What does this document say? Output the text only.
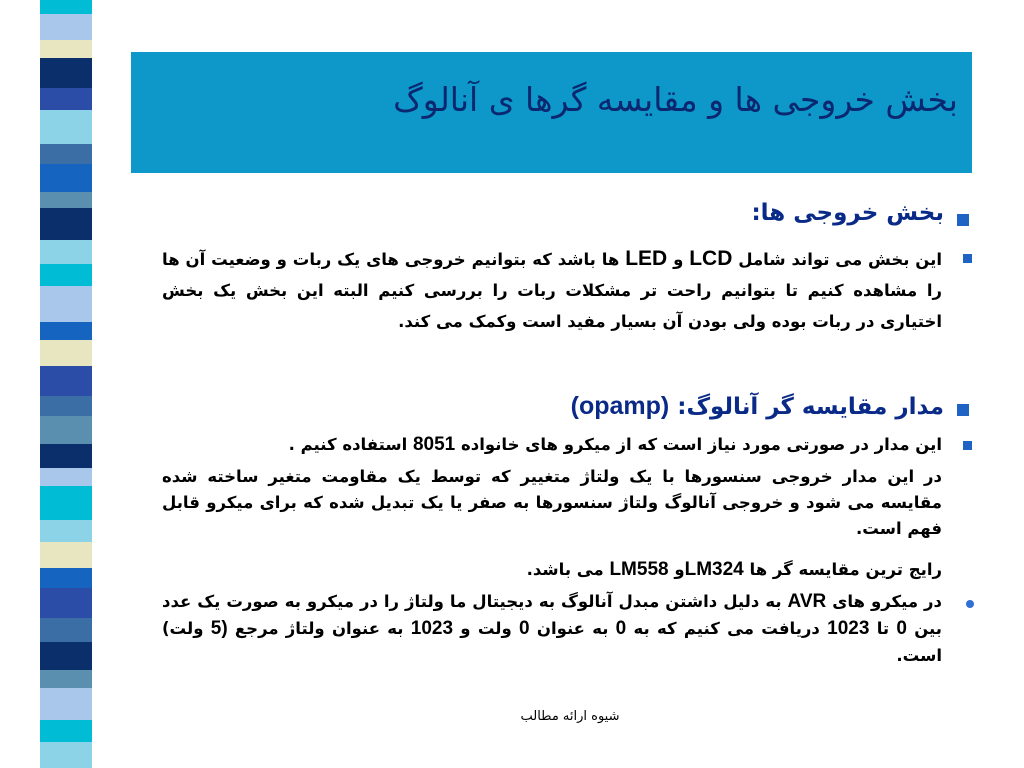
بخش خروجی ها و مقایسه گرها ی آنالوگ
بخش خروجی ها:

این بخش می تواند شامل LCD و LED ها باشد که بتوانیم خروجی های یک ربات و وضعیت آن ها را مشاهده کنیم تا بتوانیم راحت تر مشکلات ربات را بررسی کنیم البته این بخش یک بخش اختیاری در ربات بوده ولی بودن آن بسیار مفید است وکمک می کند.

مدار مقایسه گر آنالوگ: (opamp)

این مدار در صورتی مورد نیاز است که از میکرو های خانواده 8051 استفاده کنیم .

در این مدار خروجی سنسورها با یک ولتاژ متغییر که توسط یک مقاومت متغیر ساخته شده مقایسه می شود و خروجی آنالوگ ولتاژ سنسورها به صفر یا یک تبدیل شده که برای میکرو قابل فهم است.

رایج ترین مقایسه گر ها LM324و LM558 می باشد.

در میکرو های AVR به دلیل داشتن مبدل آنالوگ به دیجیتال ما ولتاژ را در میکرو به صورت یک عدد بین 0 تا 1023 دریافت می کنیم که به 0 به عنوان 0 ولت و 1023 به عنوان ولتاژ مرجع (5 ولت) است.

شیوه ارائه مطالب
